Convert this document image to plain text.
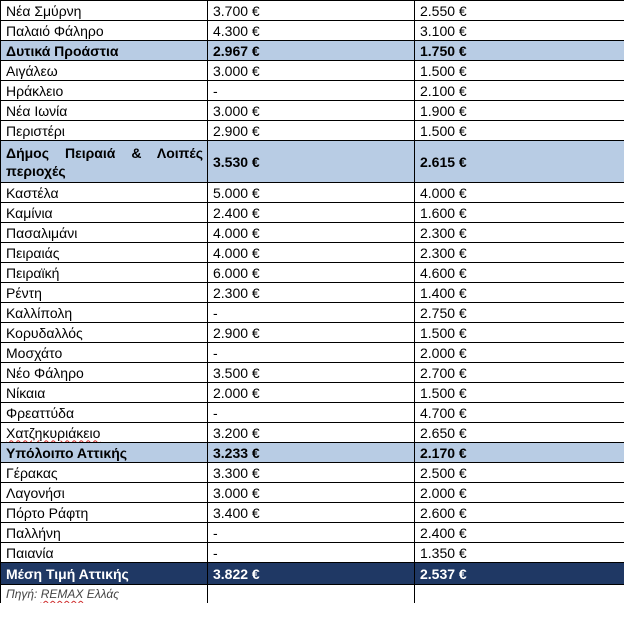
Νέα Σμύρνη	3.700 €	2.550 €
Παλαιό Φάληρο	4.300 €	3.100 €
Δυτικά Προάστια	2.967 €	1.750 €
Αιγάλεω	3.000 €	1.500 €
Ηράκλειο	-	2.100 €
Νέα Ιωνία	3.000 €	1.900 €
Περιστέρι	2.900 €	1.500 €
Δήμος Πειραιά & Λοιπές περιοχές	3.530 €	2.615 €
Καστέλα	5.000 €	4.000 €
Καμίνια	2.400 €	1.600 €
Πασαλιμάνι	4.000 €	2.300 €
Πειραιάς	4.000 €	2.300 €
Πειραϊκή	6.000 €	4.600 €
Ρέντη	2.300 €	1.400 €
Καλλίπολη	-	2.750 €
Κορυδαλλός	2.900 €	1.500 €
Μοσχάτο	-	2.000 €
Νέο Φάληρο	3.500 €	2.700 €
Νίκαια	2.000 €	1.500 €
Φρεαττύδα	-	4.700 €
Χατζηκυριάκειο	3.200 €	2.650 €
Υπόλοιπο Αττικής	3.233 €	2.170 €
Γέρακας	3.300 €	2.500 €
Λαγονήσι	3.000 €	2.000 €
Πόρτο Ράφτη	3.400 €	2.600 €
Παλλήνη	-	2.400 €
Παιανία	-	1.350 €
Μέση Τιμή Αττικής	3.822 €	2.537 €
Πηγή: REMAX Ελλάς		
